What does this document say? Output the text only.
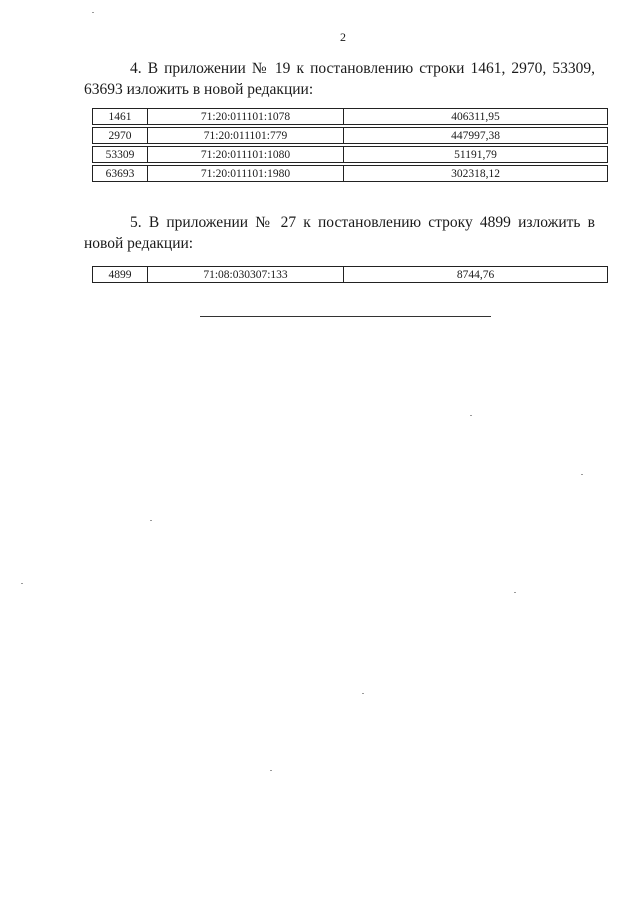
2
4. В приложении № 19 к постановлению строки 1461, 2970, 53309, 63693 изложить в новой редакции:
1461	71:20:011101:1078	406311,95
2970	71:20:011101:779	447997,38
53309	71:20:011101:1080	51191,79
63693	71:20:011101:1980	302318,12
5. В приложении № 27 к постановлению строку 4899 изложить в новой редакции:
4899	71:08:030307:133	8744,76
